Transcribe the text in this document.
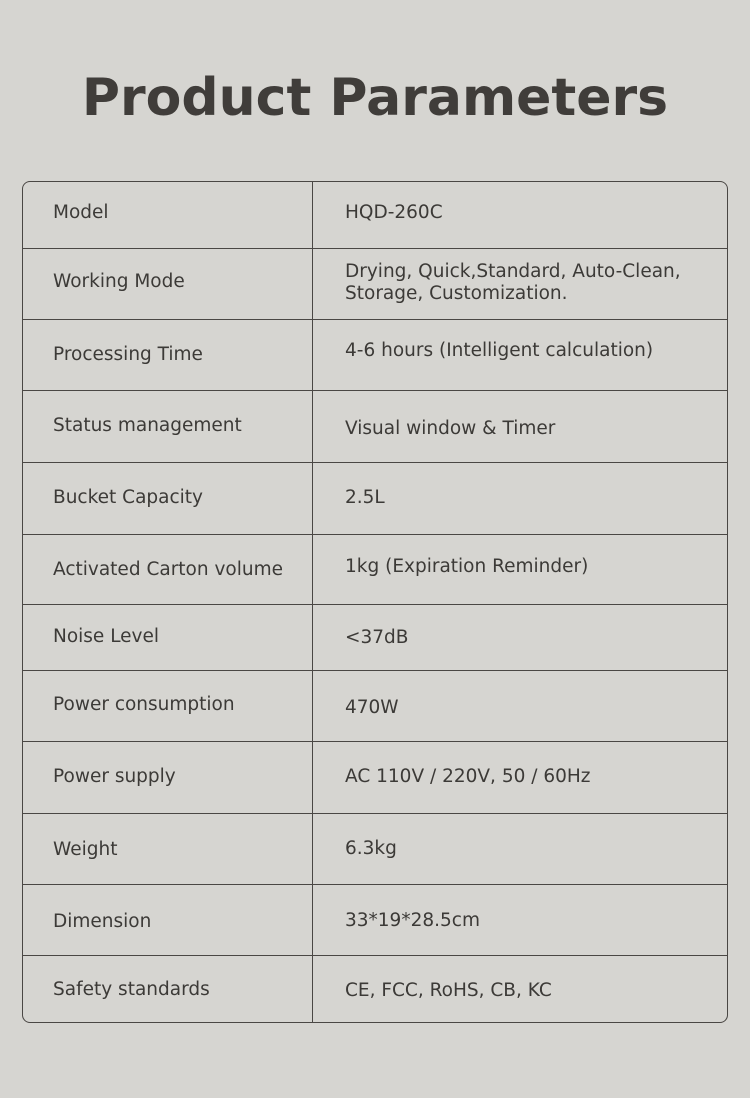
Product Parameters
Model	HQD-260C
Working Mode	Drying, Quick,Standard, Auto-Clean,
Storage, Customization.
Processing Time	4-6 hours (Intelligent calculation)
Status management	Visual window & Timer
Bucket Capacity	2.5L
Activated Carton volume	1kg (Expiration Reminder)
Noise Level	<37dB
Power consumption	470W
Power supply	AC 110V / 220V, 50 / 60Hz
Weight	6.3kg
Dimension	33*19*28.5cm
Safety standards	CE, FCC, RoHS, CB, KC
